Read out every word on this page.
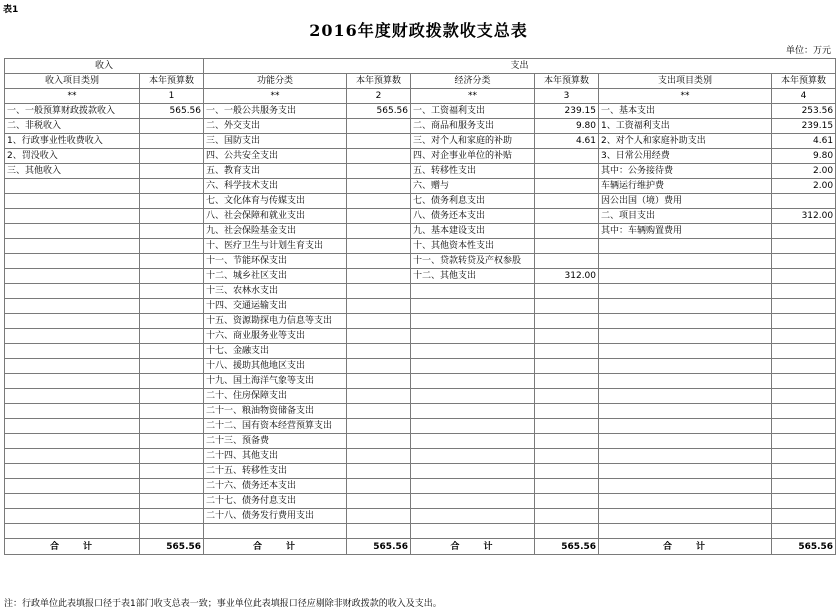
表1
2016年度财政拨款收支总表
单位：万元
收入		支出					
收入项目类别	本年预算数	功能分类	本年预算数	经济分类	本年预算数	支出项目类别	本年预算数
**	1	**	2	**	3	**	4
一、一般预算财政拨款收入	565.56	一、一般公共服务支出	565.56	一、工资福利支出	239.15	一、基本支出	253.56
二、非税收入		二、外交支出		二、商品和服务支出	9.80	1、工资福利支出	239.15
1、行政事业性收费收入		三、国防支出		三、对个人和家庭的补助	4.61	2、对个人和家庭补助支出	4.61
2、罚没收入		四、公共安全支出		四、对企事业单位的补贴		3、日常公用经费	9.80
三、其他收入		五、教育支出		五、转移性支出		其中：公务接待费	2.00
		六、科学技术支出		六、赠与		车辆运行维护费	2.00
		七、文化体育与传媒支出		七、债务利息支出		因公出国（境）费用	
		八、社会保障和就业支出		八、债务还本支出		二、项目支出	312.00
		九、社会保险基金支出		九、基本建设支出		其中：车辆购置费用	
		十、医疗卫生与计划生育支出		十、其他资本性支出			
		十一、节能环保支出		十一、贷款转贷及产权参股			
		十二、城乡社区支出		十二、其他支出	312.00		
		十三、农林水支出					
		十四、交通运输支出					
		十五、资源勘探电力信息等支出					
		十六、商业服务业等支出					
		十七、金融支出					
		十八、援助其他地区支出					
		十九、国土海洋气象等支出					
		二十、住房保障支出					
		二十一、粮油物资储备支出					
		二十二、国有资本经营预算支出					
		二十三、预备费					
		二十四、其他支出					
		二十五、转移性支出					
		二十六、债务还本支出					
		二十七、债务付息支出					
		二十八、债务发行费用支出					

合　　计	565.56	合　　计	565.56	合　　计	565.56	合　　计	565.56
注：行政单位此表填报口径于表1部门收支总表一致；事业单位此表填报口径应剔除非财政拨款的收入及支出。
